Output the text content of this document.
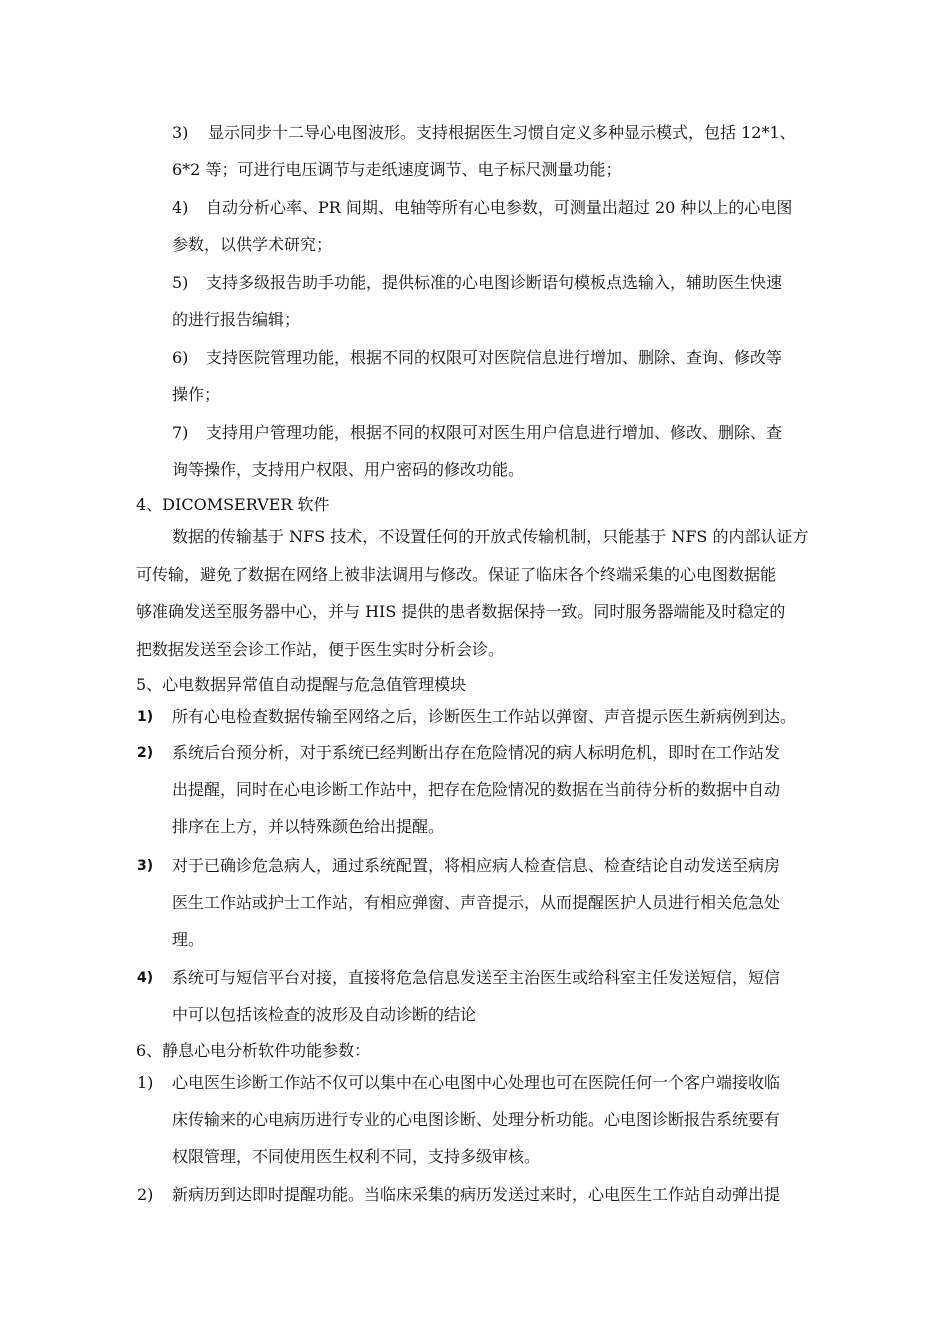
3) 显示同步十二导心电图波形。支持根据医生习惯自定义多种显示模式，包括 12*1、
6*2 等；可进行电压调节与走纸速度调节、电子标尺测量功能；
4) 自动分析心率、PR 间期、电轴等所有心电参数，可测量出超过 20 种以上的心电图
参数，以供学术研究；
5) 支持多级报告助手功能，提供标准的心电图诊断语句模板点选输入，辅助医生快速
的进行报告编辑；
6) 支持医院管理功能，根据不同的权限可对医院信息进行增加、删除、查询、修改等
操作；
7) 支持用户管理功能，根据不同的权限可对医生用户信息进行增加、修改、删除、查
询等操作，支持用户权限、用户密码的修改功能。
4、DICOMSERVER 软件
数据的传输基于 NFS 技术，不设置任何的开放式传输机制，只能基于 NFS 的内部认证方
可传输，避免了数据在网络上被非法调用与修改。保证了临床各个终端采集的心电图数据能
够准确发送至服务器中心，并与 HIS 提供的患者数据保持一致。同时服务器端能及时稳定的
把数据发送至会诊工作站，便于医生实时分析会诊。
5、心电数据异常值自动提醒与危急值管理模块
1) 所有心电检查数据传输至网络之后，诊断医生工作站以弹窗、声音提示医生新病例到达。
2) 系统后台预分析，对于系统已经判断出存在危险情况的病人标明危机，即时在工作站发
出提醒，同时在心电诊断工作站中，把存在危险情况的数据在当前待分析的数据中自动
排序在上方，并以特殊颜色给出提醒。
3) 对于已确诊危急病人，通过系统配置，将相应病人检查信息、检查结论自动发送至病房
医生工作站或护士工作站，有相应弹窗、声音提示，从而提醒医护人员进行相关危急处
理。
4) 系统可与短信平台对接，直接将危急信息发送至主治医生或给科室主任发送短信，短信
中可以包括该检查的波形及自动诊断的结论
6、静息心电分析软件功能参数：
1) 心电医生诊断工作站不仅可以集中在心电图中心处理也可在医院任何一个客户端接收临
床传输来的心电病历进行专业的心电图诊断、处理分析功能。心电图诊断报告系统要有
权限管理，不同使用医生权利不同，支持多级审核。
2) 新病历到达即时提醒功能。当临床采集的病历发送过来时，心电医生工作站自动弹出提
